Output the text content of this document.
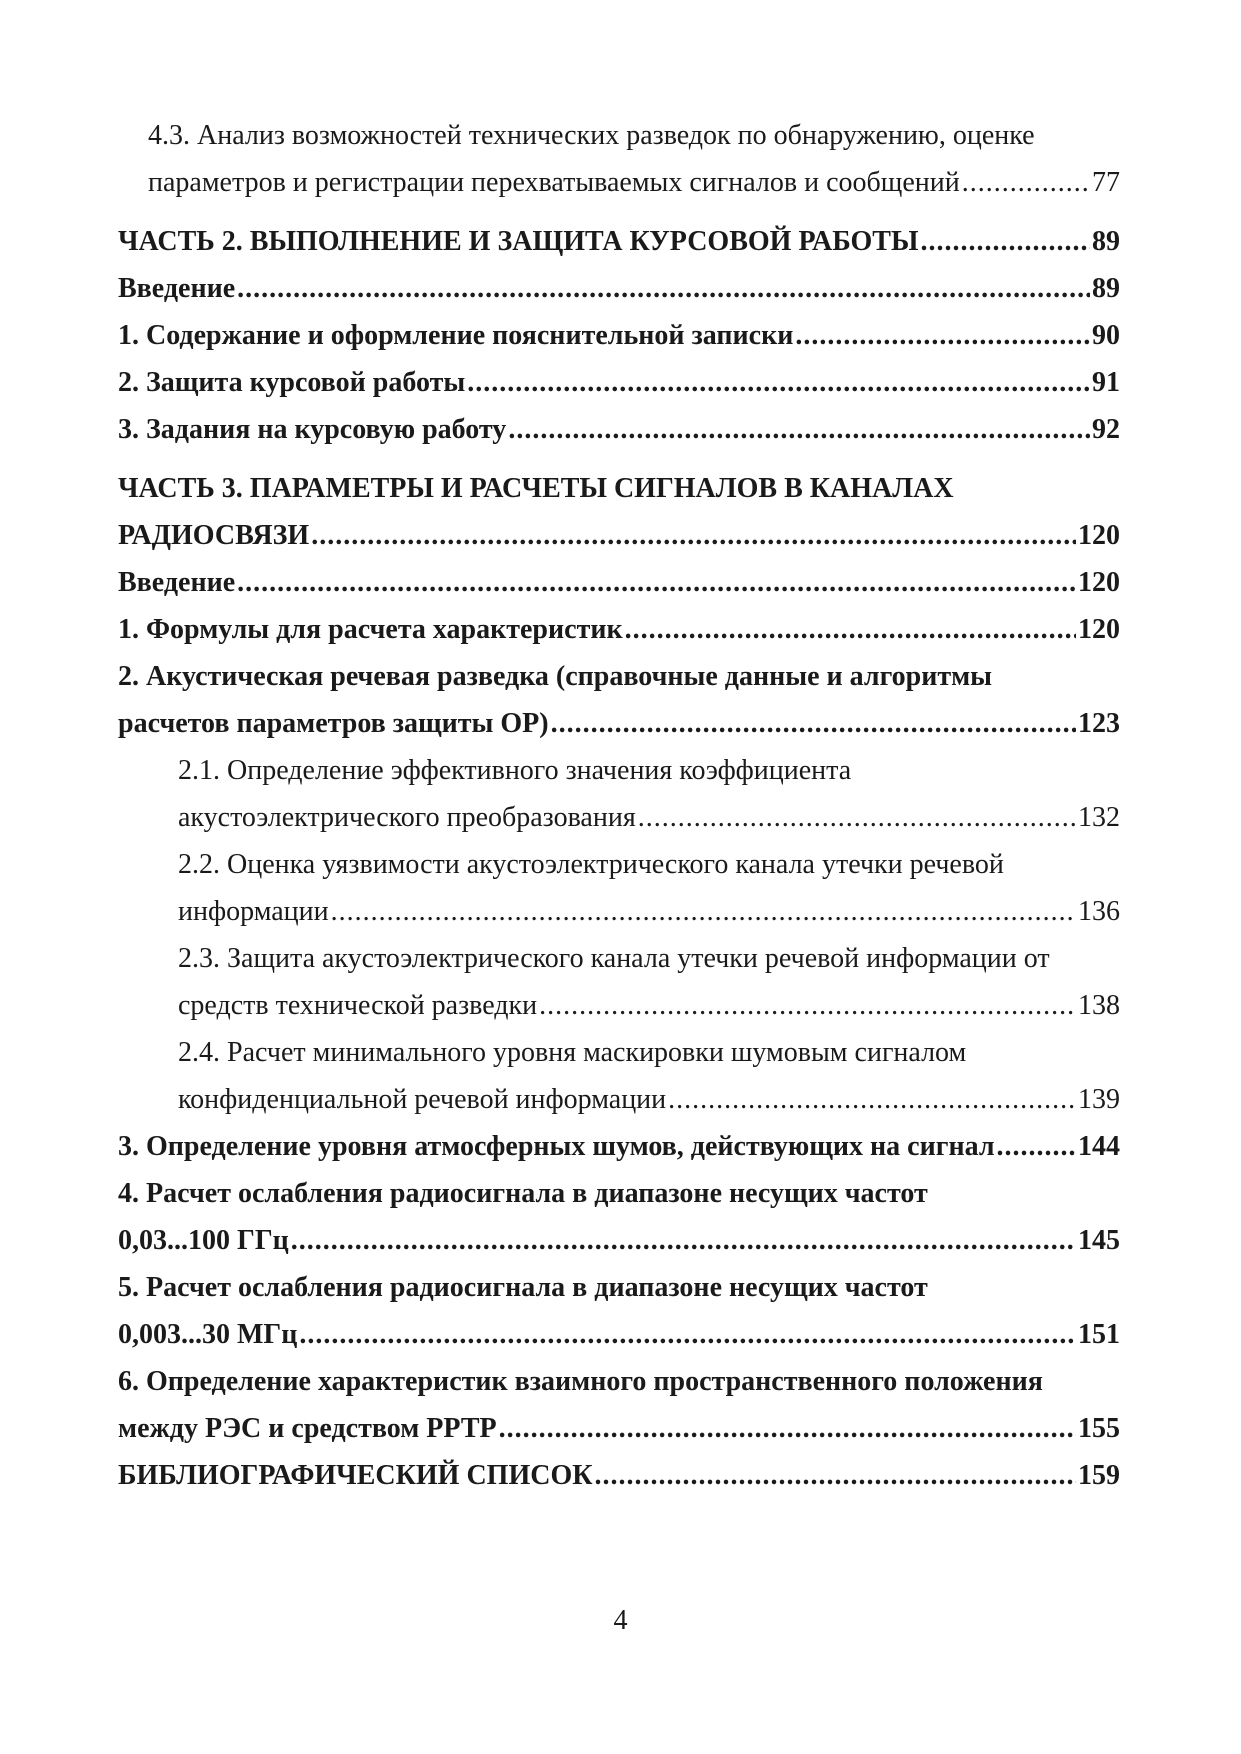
4.3. Анализ возможностей технических разведок по обнаружению, оценке
параметров и регистрации перехватываемых сигналов и сообщений .....	77
ЧАСТЬ 2. ВЫПОЛНЕНИЕ И ЗАЩИТА КУРСОВОЙ РАБОТЫ .....	89
Введение .....	89
1. Содержание и оформление пояснительной записки .....	90
2. Защита курсовой работы .....	91
3. Задания на курсовую работу .....	92
ЧАСТЬ 3. ПАРАМЕТРЫ И РАСЧЕТЫ СИГНАЛОВ В КАНАЛАХ
РАДИОСВЯЗИ .....	120
Введение .....	120
1. Формулы для расчета характеристик .....	120
2. Акустическая речевая разведка (справочные данные и алгоритмы
расчетов параметров защиты ОР) .....	123
2.1. Определение эффективного значения коэффициента
акустоэлектрического преобразования .....	132
2.2. Оценка уязвимости акустоэлектрического канала утечки речевой
информации .....	136
2.3. Защита акустоэлектрического канала утечки речевой информации от
средств технической разведки .....	138
2.4. Расчет минимального уровня маскировки шумовым сигналом
конфиденциальной речевой информации .....	139
3. Определение уровня атмосферных шумов, действующих на сигнал .....	144
4. Расчет ослабления радиосигнала в диапазоне несущих частот
0,03...100 ГГц .....	145
5. Расчет ослабления радиосигнала в диапазоне несущих частот
0,003...30 МГц .....	151
6. Определение характеристик взаимного пространственного положения
между РЭС и средством РРТР .....	155
БИБЛИОГРАФИЧЕСКИЙ СПИСОК .....	159
4
